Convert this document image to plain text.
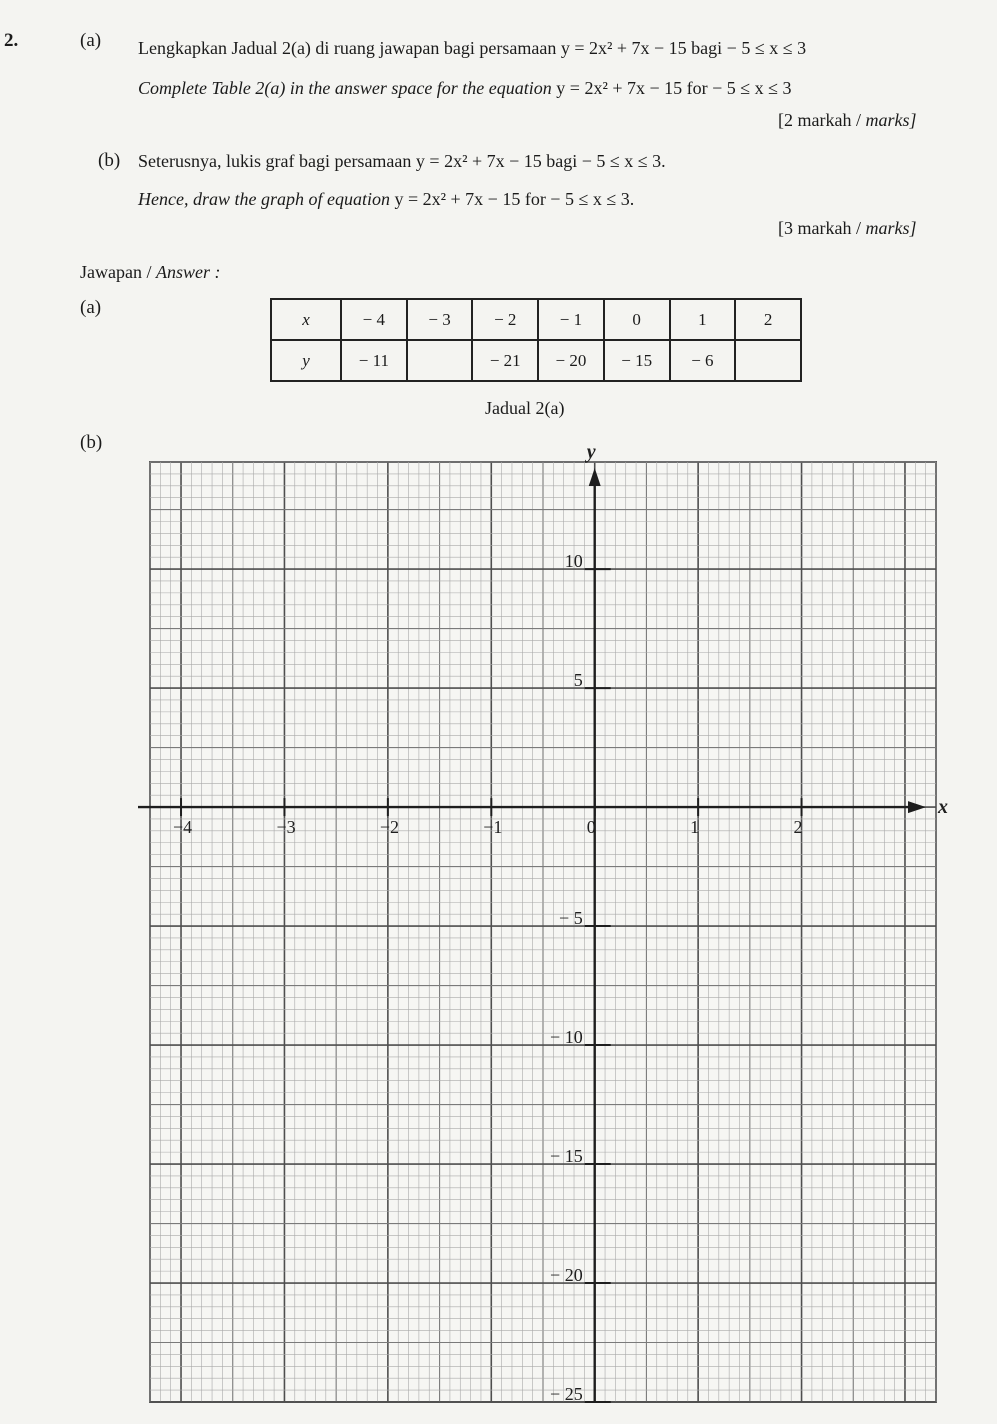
2.	(a) Lengkapkan Jadual 2(a) di ruang jawapan bagi persamaan y = 2x² + 7x − 15 bagi − 5 ≤ x ≤ 3
Complete Table 2(a) in the answer space for the equation y = 2x² + 7x − 15 for − 5 ≤ x ≤ 3
[2 markah / marks]
(b) Seterusnya, lukis graf bagi persamaan y = 2x² + 7x − 15 bagi − 5 ≤ x ≤ 3.
Hence, draw the graph of equation y = 2x² + 7x − 15 for − 5 ≤ x ≤ 3.
[3 markah / marks]
Jawapan / Answer :
(a)
x	− 4	− 3	− 2	− 1	0	1	2
y	− 11		− 21	− 20	− 15	− 6	
Jadual 2(a)
(b)
−4	−3	−2	−1	0	1	2
10
5
− 5
− 10
− 15
− 20
− 25
x
y
